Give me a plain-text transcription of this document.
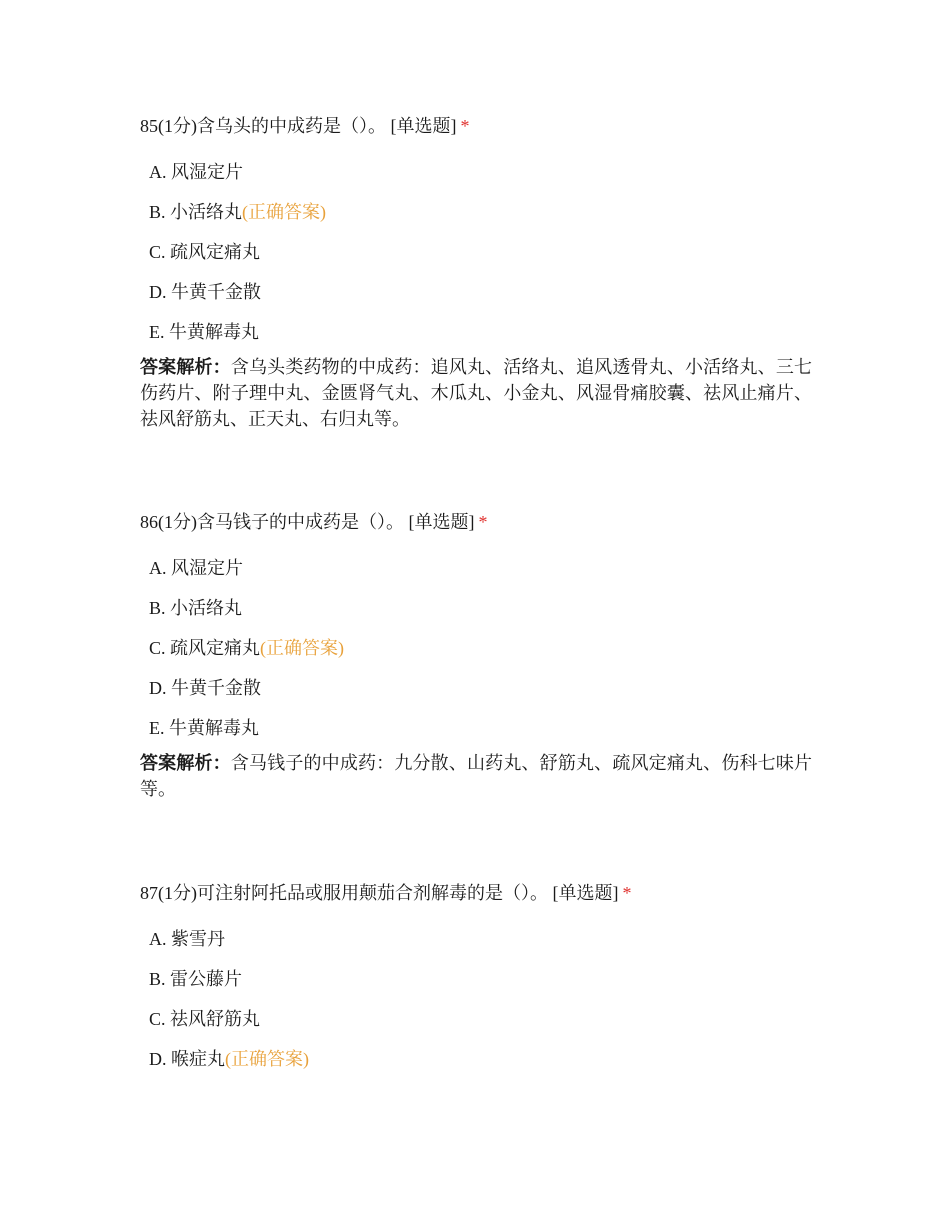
85(1分)含乌头的中成药是（）。 [单选题] *
A. 风湿定片
B. 小活络丸(正确答案)
C. 疏风定痛丸
D. 牛黄千金散
E. 牛黄解毒丸
答案解析：含乌头类药物的中成药：追风丸、活络丸、追风透骨丸、小活络丸、三七伤药片、附子理中丸、金匮肾气丸、木瓜丸、小金丸、风湿骨痛胶囊、祛风止痛片、祛风舒筋丸、正天丸、右归丸等。
86(1分)含马钱子的中成药是（）。 [单选题] *
A. 风湿定片
B. 小活络丸
C. 疏风定痛丸(正确答案)
D. 牛黄千金散
E. 牛黄解毒丸
答案解析：含马钱子的中成药：九分散、山药丸、舒筋丸、疏风定痛丸、伤科七味片等。
87(1分)可注射阿托品或服用颠茄合剂解毒的是（）。 [单选题] *
A. 紫雪丹
B. 雷公藤片
C. 祛风舒筋丸
D. 喉症丸(正确答案)
